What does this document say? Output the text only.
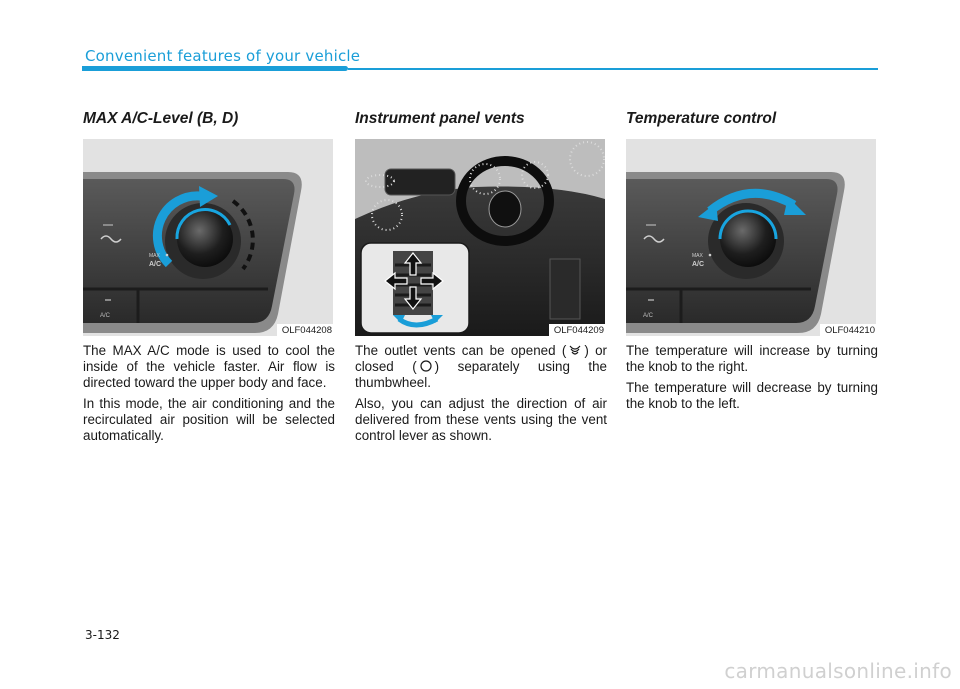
Convenient features of your vehicle
MAX A/C-Level (B, D)
MAX
A/C
A/C
OLF044208

The MAX A/C mode is used to cool the inside of the vehicle faster. Air flow is directed toward the upper body and face.

In this mode, the air conditioning and the recirculated air position will be selected automatically.

Instrument panel vents
OLF044209

The outlet vents can be opened ( ) or closed ( ) separately using the thumbwheel.

Also, you can adjust the direction of air delivered from these vents using the vent control lever as shown.

Temperature control
MAX
A/C
A/C
OLF044210

The temperature will increase by turning the knob to the right.

The temperature will decrease by turning the knob to the left.

3-132
carmanualsonline.info
